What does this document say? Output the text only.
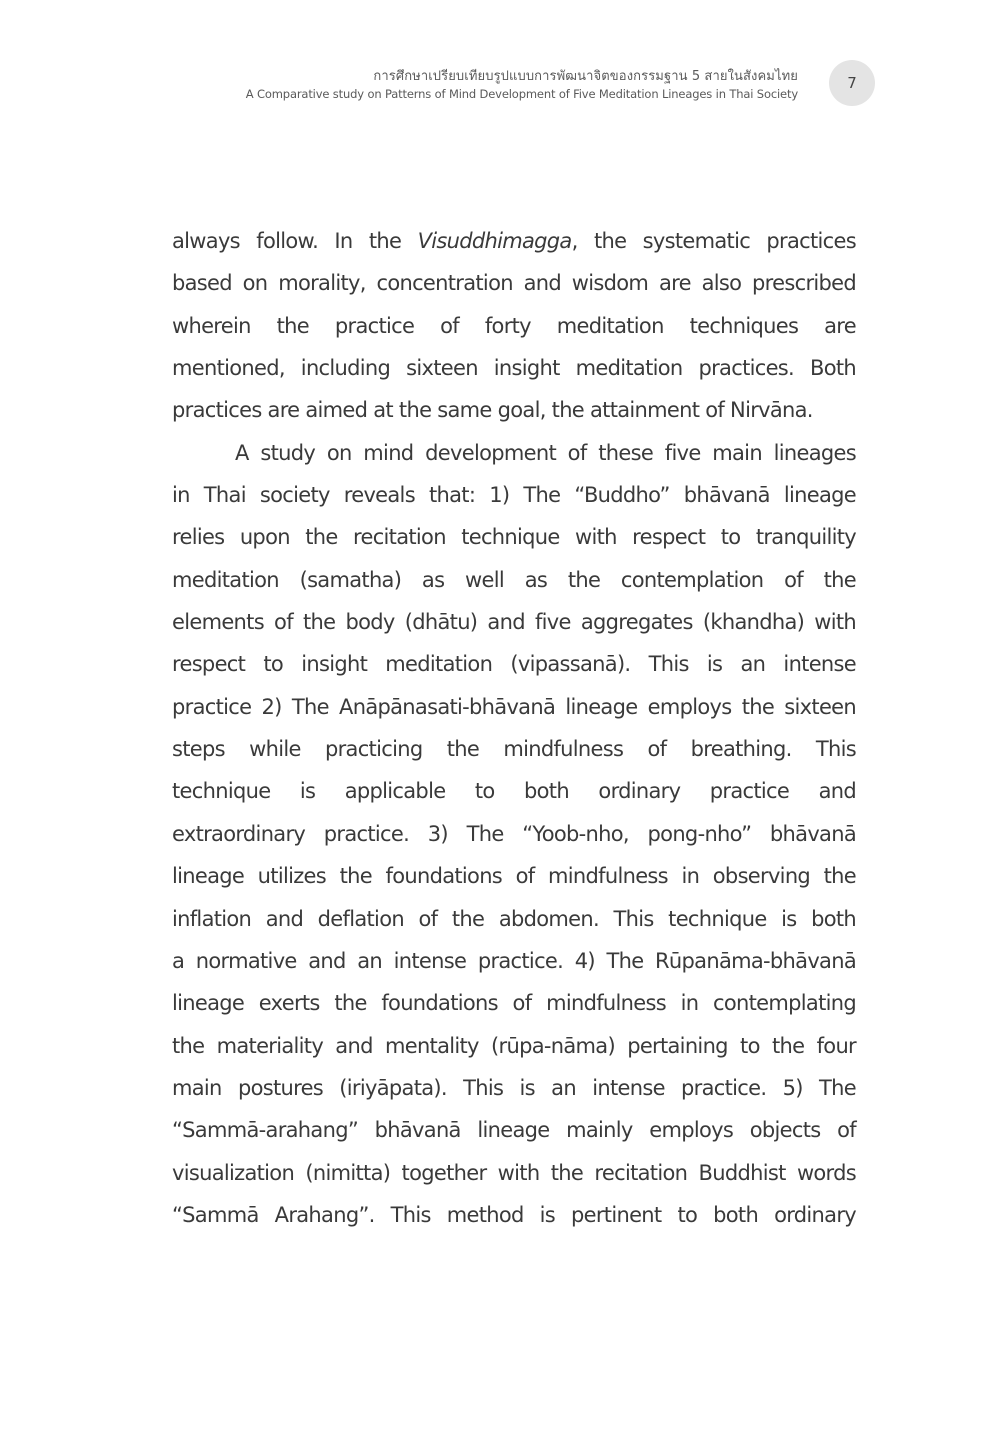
การศึกษาเปรียบเทียบรูปแบบการพัฒนาจิตของกรรมฐาน 5 สายในสังคมไทย
A Comparative study on Patterns of Mind Development of Five Meditation Lineages in Thai Society
7
always follow. In the Visuddhimagga, the systematic practices
based on morality, concentration and wisdom are also prescribed
wherein the practice of forty meditation techniques are
mentioned, including sixteen insight meditation practices. Both
practices are aimed at the same goal, the attainment of Nirvāna.
A study on mind development of these five main lineages
in Thai society reveals that: 1) The “Buddho” bhāvanā lineage
relies upon the recitation technique with respect to tranquility
meditation (samatha) as well as the contemplation of the
elements of the body (dhātu) and five aggregates (khandha) with
respect to insight meditation (vipassanā). This is an intense
practice 2) The Anāpānasati-bhāvanā lineage employs the sixteen
steps while practicing the mindfulness of breathing. This
technique is applicable to both ordinary practice and
extraordinary practice. 3) The “Yoob-nho, pong-nho” bhāvanā
lineage utilizes the foundations of mindfulness in observing the
inflation and deflation of the abdomen. This technique is both
a normative and an intense practice. 4) The Rūpanāma-bhāvanā
lineage exerts the foundations of mindfulness in contemplating
the materiality and mentality (rūpa-nāma) pertaining to the four
main postures (iriyāpata). This is an intense practice. 5) The
“Sammā-arahang” bhāvanā lineage mainly employs objects of
visualization (nimitta) together with the recitation Buddhist words
“Sammā Arahang”. This method is pertinent to both ordinary
